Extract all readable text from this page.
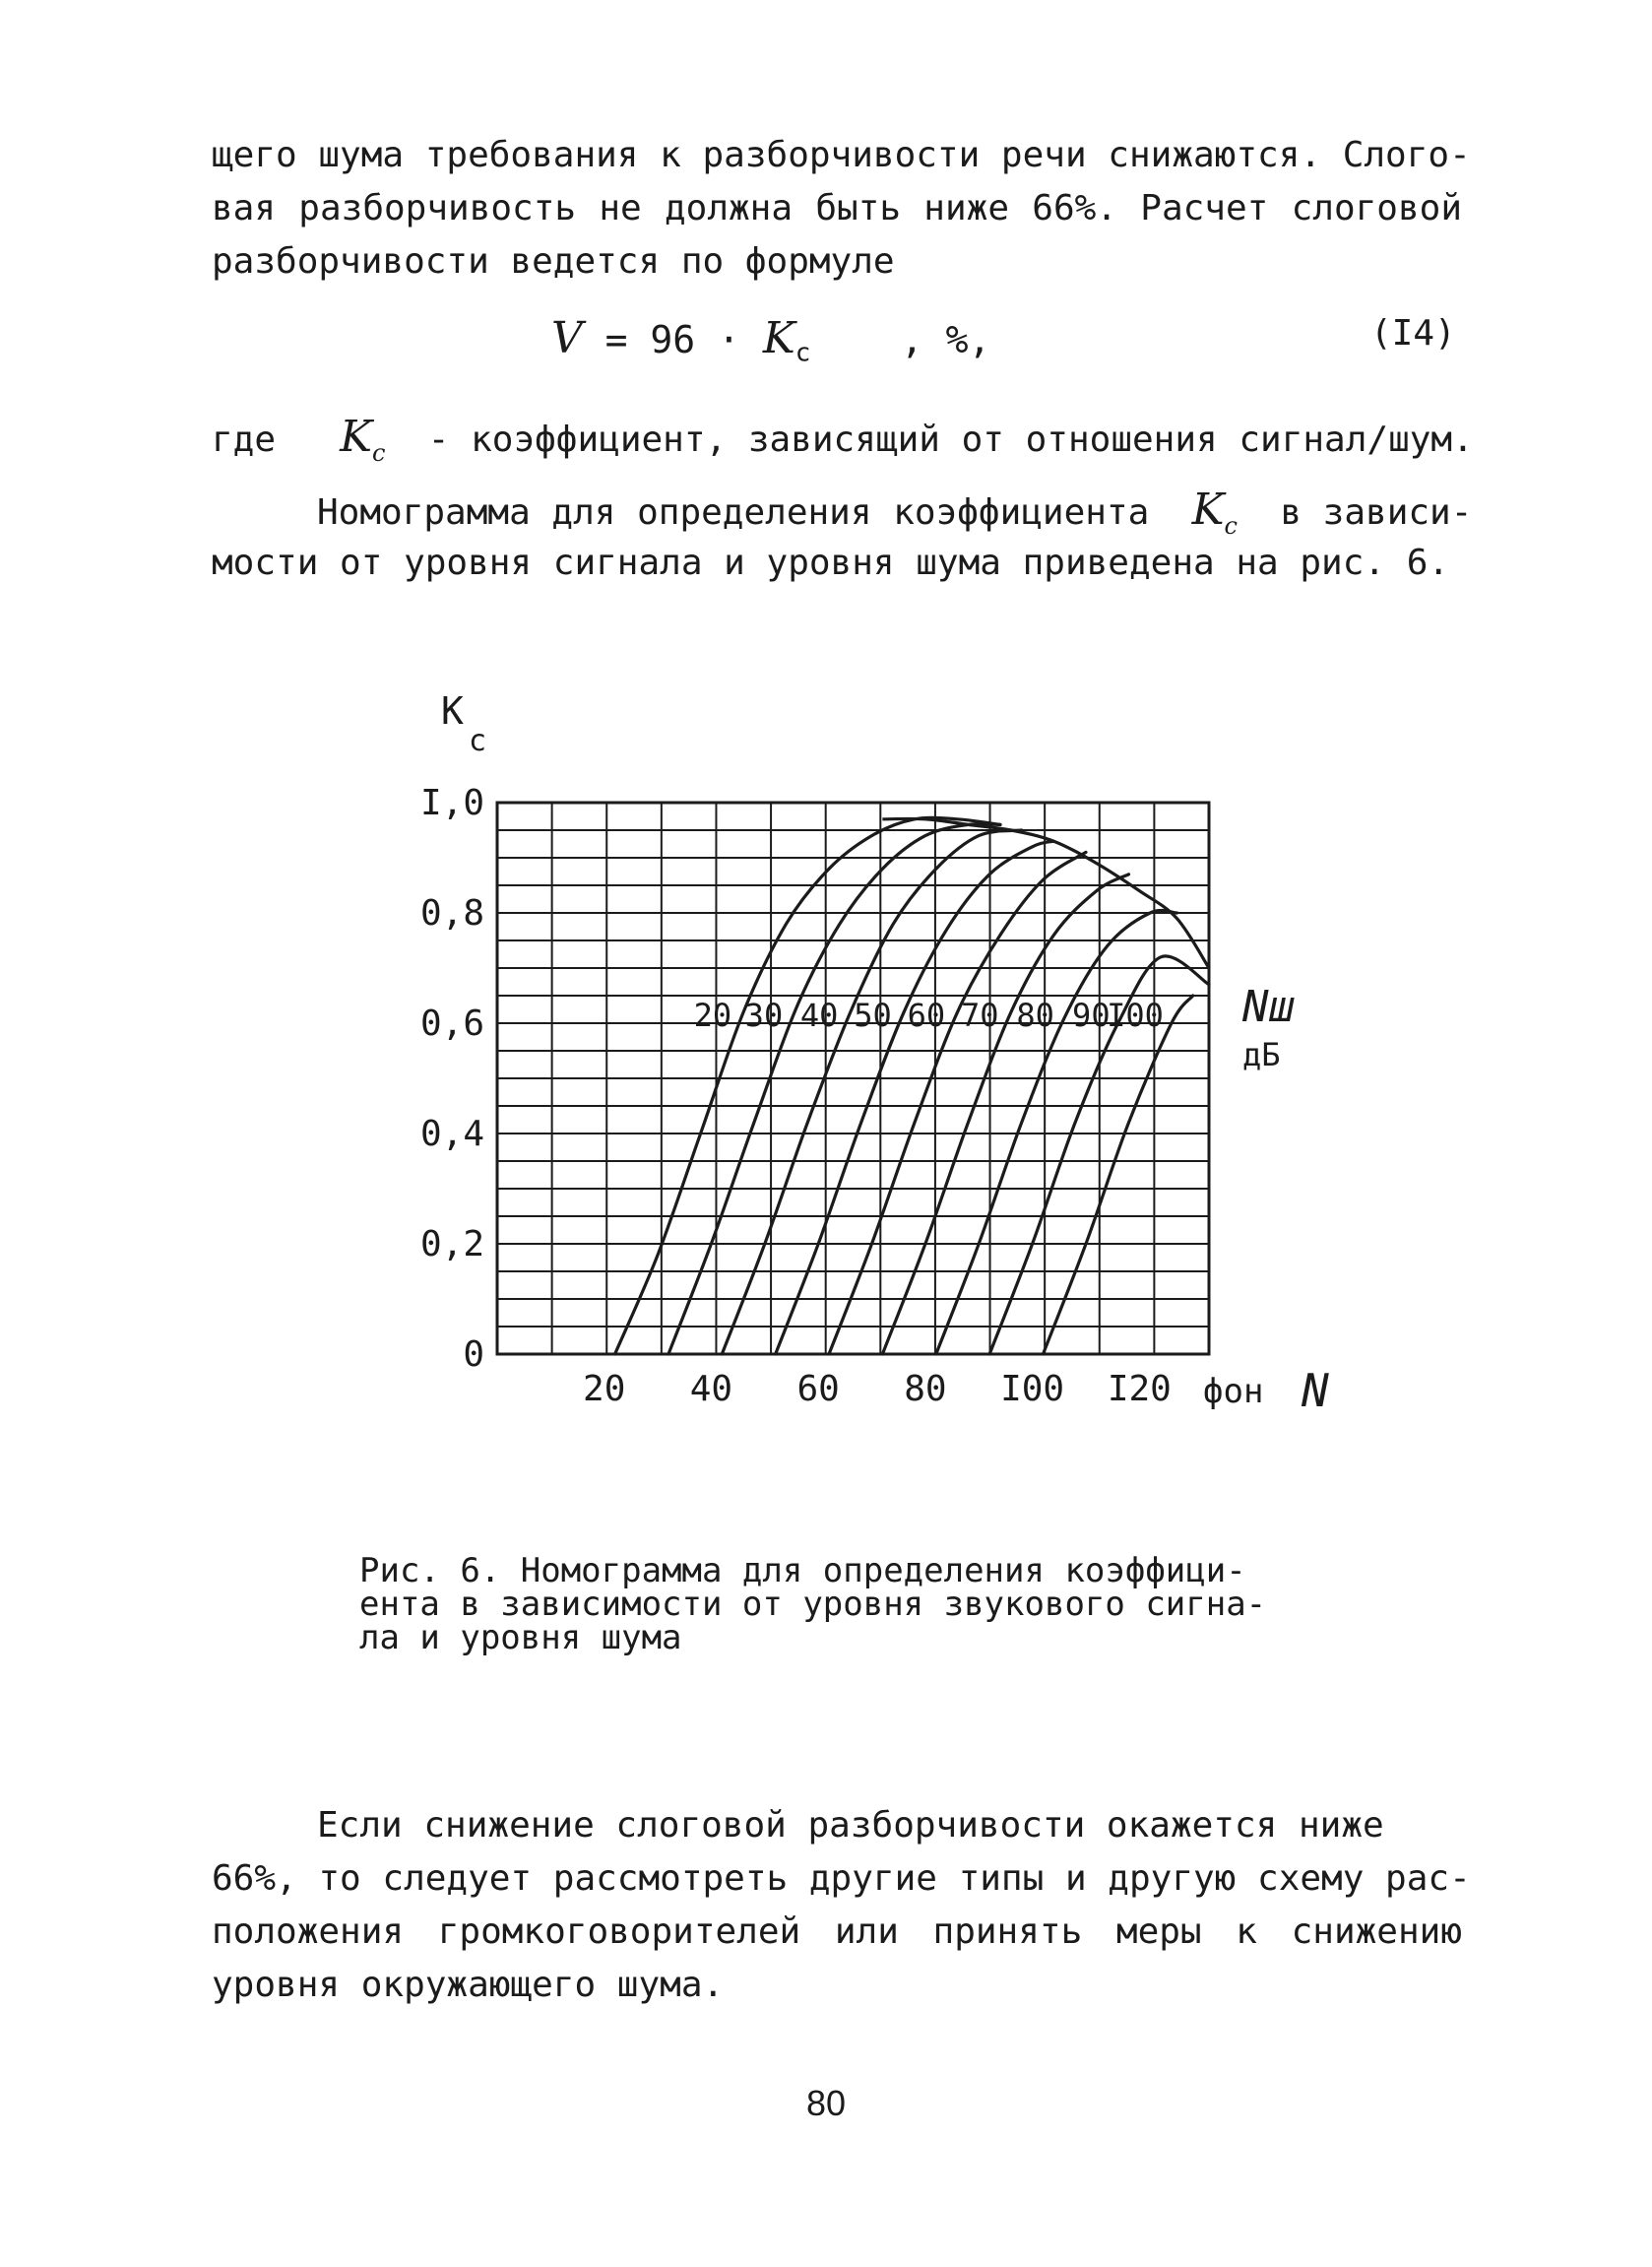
щего шума требования к разборчивости речи снижаются. Слого-
вая разборчивость не должна быть ниже 66%. Расчет слоговой
разборчивости ведется по формуле
$V = 96 \cdot K_c$ , %,	(I4)
где $K_c$ - коэффициент, зависящий от отношения сигнал/шум.
Номограмма для определения коэффициента $K_c$ в зависи-
мости от уровня сигнала и уровня шума приведена на рис. 6.
20 30 40 50 60 70 80 90
I00 Nш
дБ
0
0,2
0,4
0,6
0,8
I,0
20 40 60 80 I00 I20 фон N
К
с
Рис. 6. Номограмма для определения коэффици-
ента в зависимости от уровня звукового сигна-
ла и уровня шума
Если снижение слоговой разборчивости окажется ниже
66%, то следует рассмотреть другие типы и другую схему рас-
положения громкоговорителей или принять меры к снижению
уровня окружающего шума.
80
